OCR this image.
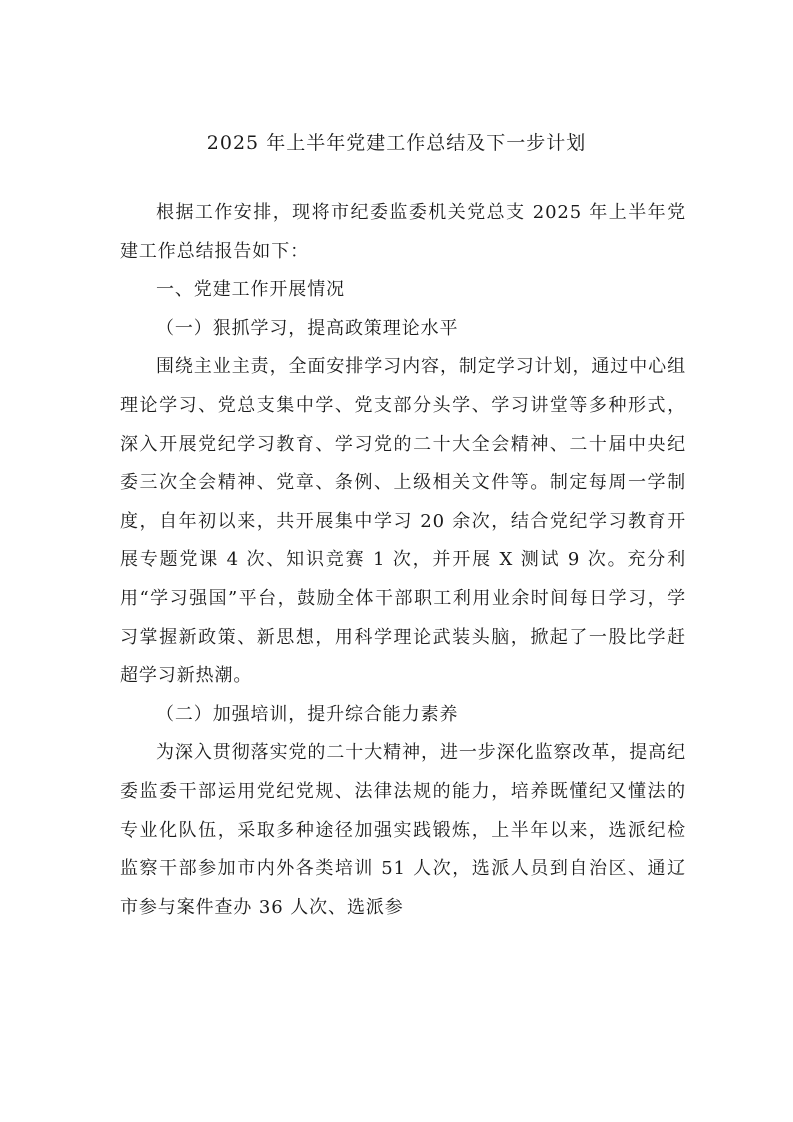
2025 年上半年党建工作总结及下一步计划

根据工作安排，现将市纪委监委机关党总支 2025 年上半年党建工作总结报告如下：

一、党建工作开展情况

（一）狠抓学习，提高政策理论水平

围绕主业主责，全面安排学习内容，制定学习计划，通过中心组理论学习、党总支集中学、党支部分头学、学习讲堂等多种形式，深入开展党纪学习教育、学习党的二十大全会精神、二十届中央纪委三次全会精神、党章、条例、上级相关文件等。制定每周一学制度，自年初以来，共开展集中学习 20 余次，结合党纪学习教育开展专题党课 4 次、知识竞赛 1 次，并开展 X 测试 9 次。充分利用“学习强国”平台，鼓励全体干部职工利用业余时间每日学习，学习掌握新政策、新思想，用科学理论武装头脑，掀起了一股比学赶超学习新热潮。

（二）加强培训，提升综合能力素养

为深入贯彻落实党的二十大精神，进一步深化监察改革，提高纪委监委干部运用党纪党规、法律法规的能力，培养既懂纪又懂法的专业化队伍，采取多种途径加强实践锻炼，上半年以来，选派纪检监察干部参加市内外各类培训 51 人次，选派人员到自治区、通辽市参与案件查办 36 人次、选派参
